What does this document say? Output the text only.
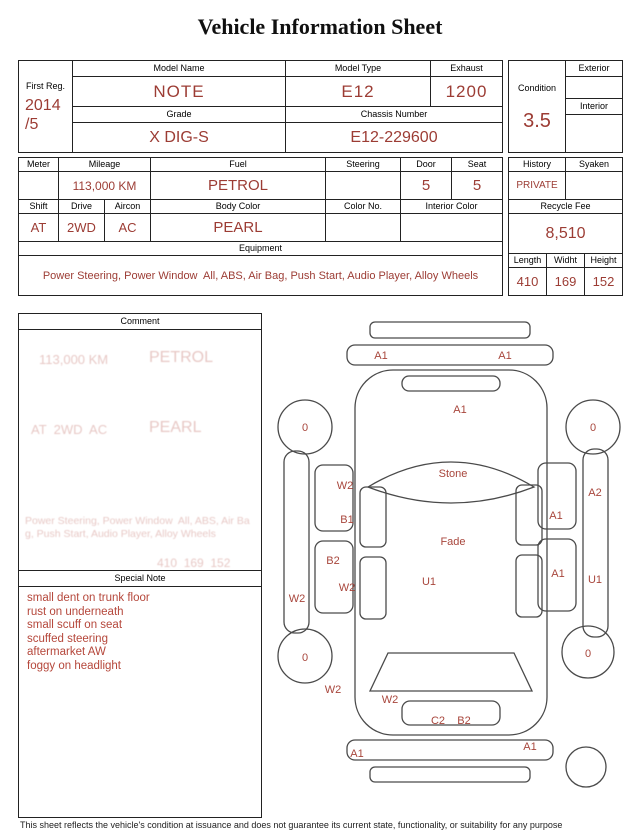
Vehicle Information Sheet
First Reg.
2014
/5	Model Name	Model Type	Exhaust
	NOTE	E12	1200
	Grade	Chassis Number	
	X DIG-S	E12-229600	
Condition
3.5
	Exterior

Interior

Meter	Mileage		Fuel	Steering	Door	Seat
	113,000 KM		PETROL		5	5
Shift	Drive	Aircon	Body Color	Color No.	Interior Color	
AT	2WD	AC	PEARL			
Equipment						
Power Steering, Power Window  All, ABS, Air Bag, Push Start, Audio Player, Alloy Wheels						
History		Syaken	
PRIVATE			
Recycle Fee			
8,510			
Length	Widht		Height
410	169		152
Comment
113,000 KM	PETROL
AT  2WD  AC	PEARL
Power Steering, Power Window  All, ABS, Air Bag, Push Start, Audio Player, Alloy Wheels
410  169  152
Special Note
small dent on trunk floor
rust on underneath
small scuff on seat
scuffed steering
aftermarket AW
foggy on headlight
A1	A1
A1
0	0
Stone
W2
A2
B1	A1
Fade
B2
U1
A1 U1
W2
W2
0	0
W2
W2
C2 B2
A1
A1
This sheet reflects the vehicle's condition at issuance and does not guarantee its current state, functionality, or suitability for any purpose
